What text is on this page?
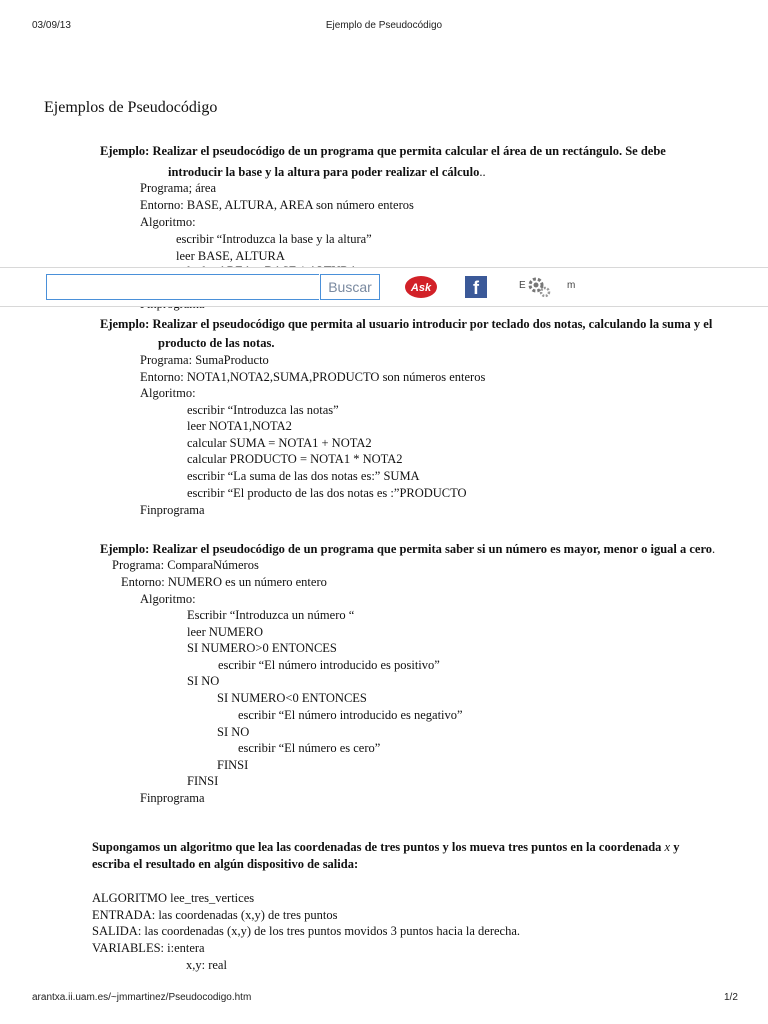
03/09/13	Ejemplo de Pseudocódigo
Ejemplos de Pseudocódigo
Ejemplo: Realizar el pseudocódigo de un programa que permita calcular el área de un rectángulo. Se debe
introducir la base y la altura para poder realizar el cálculo..
Programa; área
Entorno: BASE, ALTURA, AREA son número enteros
Algoritmo:
escribir “Introduzca la base y la altura”
leer BASE, ALTURA
Buscar	Ask	f	E	m
Ejemplo: Realizar el pseudocódigo que permita al usuario introducir por teclado dos notas, calculando la suma y el
producto de las notas.
Programa: SumaProducto
Entorno: NOTA1,NOTA2,SUMA,PRODUCTO son números enteros
Algoritmo:
escribir “Introduzca las notas”
leer NOTA1,NOTA2
calcular SUMA = NOTA1 + NOTA2
calcular PRODUCTO = NOTA1 * NOTA2
escribir “La suma de las dos notas es:” SUMA
escribir “El producto de las dos notas es :”PRODUCTO
Finprograma
Ejemplo: Realizar el pseudocódigo de un programa que permita saber si un número es mayor, menor o igual a cero.
Programa: ComparaNúmeros
Entorno: NUMERO es un número entero
Algoritmo:
Escribir “Introduzca un número “
leer NUMERO
SI NUMERO>0 ENTONCES
escribir “El número introducido es positivo”
SI NO
SI NUMERO<0 ENTONCES
escribir “El número introducido es negativo”
SI NO
escribir “El número es cero”
FINSI
FINSI
Finprograma
Supongamos un algoritmo que lea las coordenadas de tres puntos y los mueva tres puntos en la coordenada x y
escriba el resultado en algún dispositivo de salida:
ALGORITMO lee_tres_vertices
ENTRADA: las coordenadas (x,y) de tres puntos
SALIDA: las coordenadas (x,y) de los tres puntos movidos 3 puntos hacia la derecha.
VARIABLES: i:entera
x,y: real
arantxa.ii.uam.es/~jmmartinez/Pseudocodigo.htm	1/2
